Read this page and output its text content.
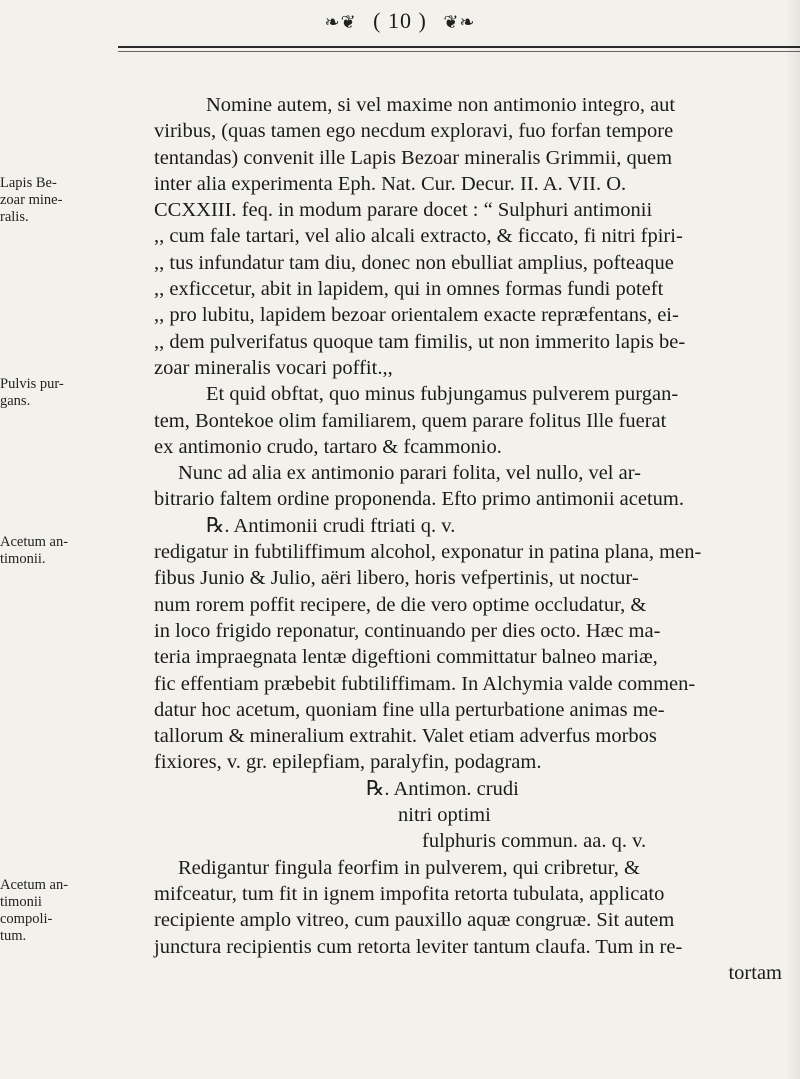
❧❦ ( 10 ) ❦❧
Lapis Be-
zoar mine-
ralis.
Pulvis pur-
gans.
Acetum an-
timonii.
Acetum an-
timonii
compoli-
tum.
Nomine autem, si vel maxime non antimonio integro, aut
viribus, (quas tamen ego necdum exploravi, fuo forfan tempore
tentandas) convenit ille Lapis Bezoar mineralis Grimmii, quem
inter alia experimenta Eph. Nat. Cur. Decur. II. A. VII. O.
CCXXIII. feq. in modum parare docet : “ Sulphuri antimonii
,, cum fale tartari, vel alio alcali extracto, & ficcato, fi nitri fpiri-
,, tus infundatur tam diu, donec non ebulliat amplius, pofteaque
,, exficcetur, abit in lapidem, qui in omnes formas fundi poteft
,, pro lubitu, lapidem bezoar orientalem exacte repræfentans, ei-
,, dem pulverifatus quoque tam fimilis, ut non immerito lapis be-
zoar mineralis vocari poffit.,,
Et quid obftat, quo minus fubjungamus pulverem purgan-
tem, Bontekoe olim familiarem, quem parare folitus Ille fuerat
ex antimonio crudo, tartaro & fcammonio.
Nunc ad alia ex antimonio parari folita, vel nullo, vel ar-
bitrario faltem ordine proponenda. Efto primo antimonii acetum.
℞. Antimonii crudi ftriati q. v.
redigatur in fubtiliffimum alcohol, exponatur in patina plana, men-
fibus Junio & Julio, aëri libero, horis vefpertinis, ut noctur-
num rorem poffit recipere, de die vero optime occludatur, &
in loco frigido reponatur, continuando per dies octo. Hæc ma-
teria impraegnata lentæ digeftioni committatur balneo mariæ,
fic effentiam præbebit fubtiliffimam. In Alchymia valde commen-
datur hoc acetum, quoniam fine ulla perturbatione animas me-
tallorum & mineralium extrahit. Valet etiam adverfus morbos
fixiores, v. gr. epilepfiam, paralyfin, podagram.
℞. Antimon. crudi
nitri optimi
fulphuris commun. aa. q. v.
Redigantur fingula feorfim in pulverem, qui cribretur, &
mifceatur, tum fit in ignem impofita retorta tubulata, applicato
recipiente amplo vitreo, cum pauxillo aquæ congruæ. Sit autem
junctura recipientis cum retorta leviter tantum claufa. Tum in re-
tortam
